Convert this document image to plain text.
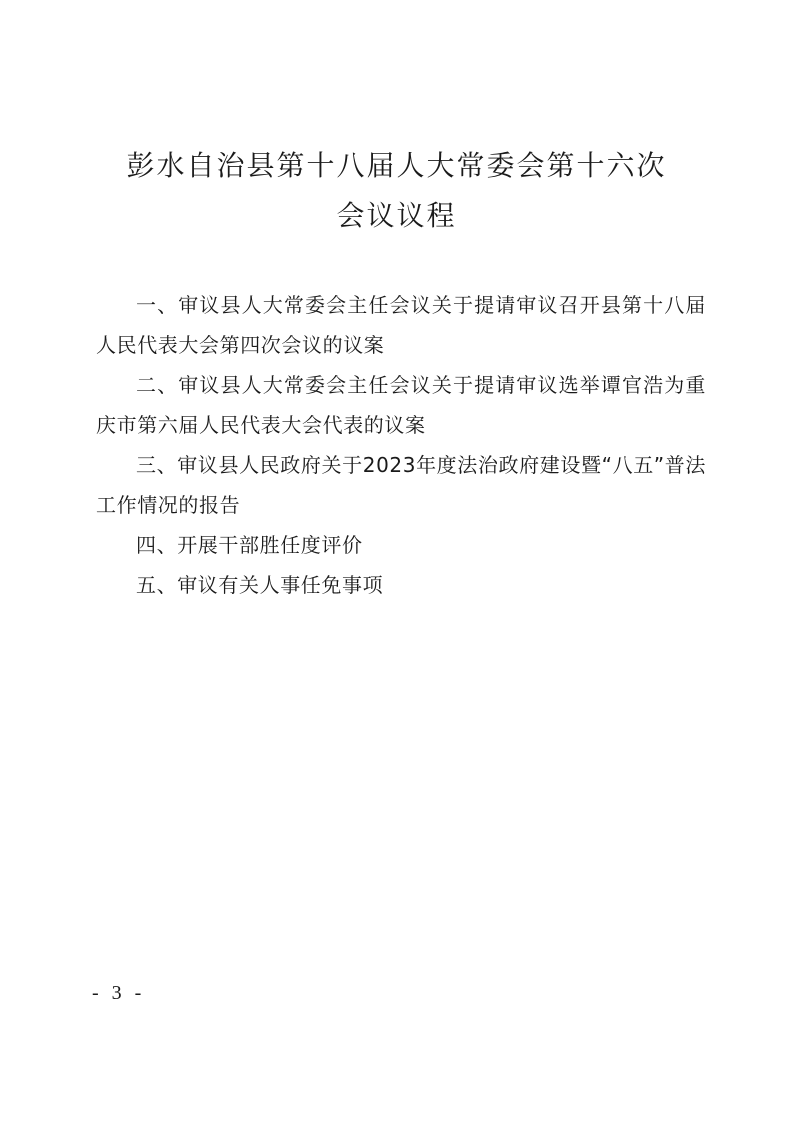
彭水自治县第十八届人大常委会第十六次
会议议程
一、审议县人大常委会主任会议关于提请审议召开县第十八届人民代表大会第四次会议的议案
二、审议县人大常委会主任会议关于提请审议选举谭官浩为重庆市第六届人民代表大会代表的议案
三、审议县人民政府关于2023年度法治政府建设暨“八五”普法工作情况的报告
四、开展干部胜任度评价
五、审议有关人事任免事项
- 3 -
